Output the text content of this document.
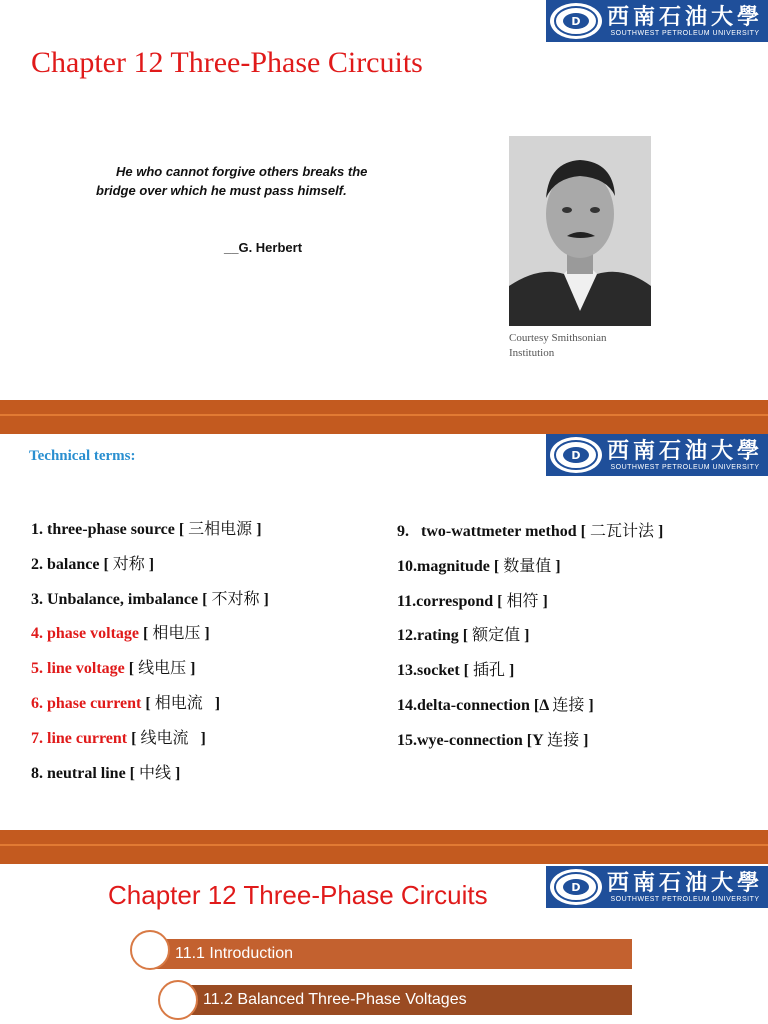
D 西南石油大學
SOUTHWEST PETROLEUM UNIVERSITY
Chapter 12 Three-Phase Circuits
He who cannot forgive others breaks the
bridge over which he must pass himself.
__G. Herbert
Courtesy Smithsonian
Institution
D 西南石油大學
SOUTHWEST PETROLEUM UNIVERSITY
Technical terms:
1. three-phase source [ 三相电源 ]
2. balance [ 对称 ]
3. Unbalance, imbalance [ 不对称 ]
4. phase voltage [ 相电压 ]
5. line voltage [ 线电压 ]
6. phase current [ 相电流   ]
7. line current [ 线电流   ]
8. neutral line [ 中线 ]
9.   two-wattmeter method [ 二瓦计法 ]
10.magnitude [ 数量值 ]
11.correspond [ 相符 ]
12.rating [ 额定值 ]
13.socket [ 插孔 ]
14.delta-connection [Δ 连接 ]
15.wye-connection [Y 连接 ]
D 西南石油大學
SOUTHWEST PETROLEUM UNIVERSITY
Chapter 12 Three-Phase Circuits
11.1 Introduction
11.2 Balanced Three-Phase Voltages
